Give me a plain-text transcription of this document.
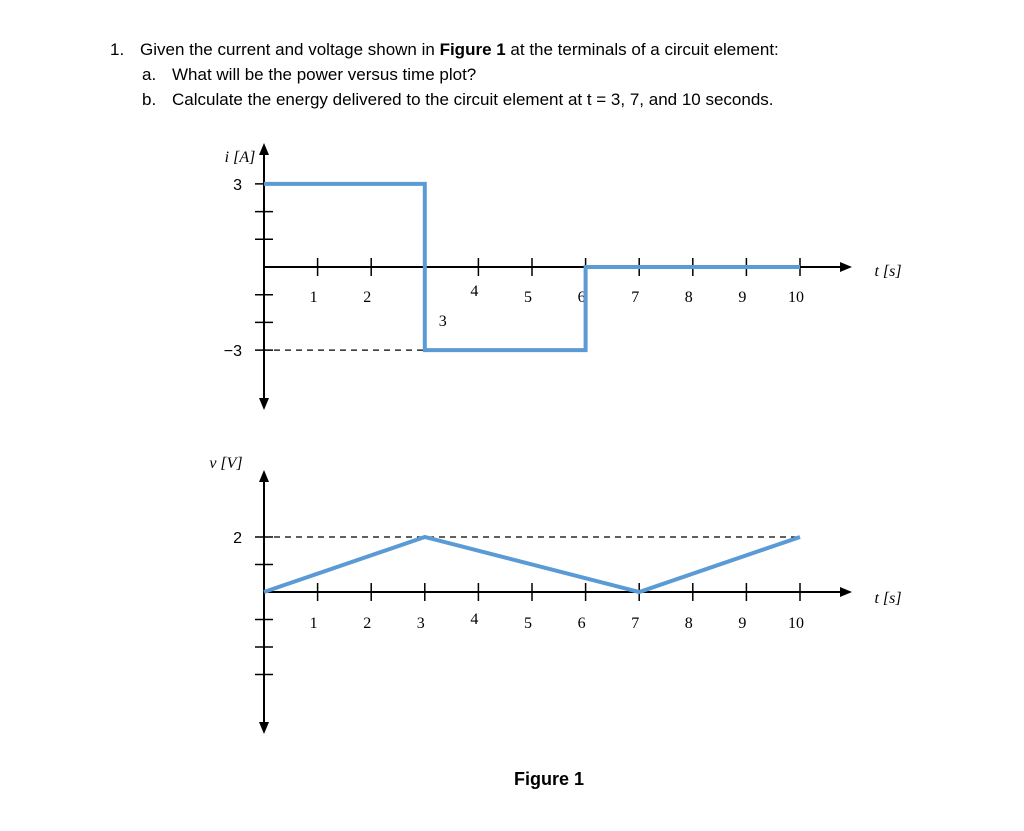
1. Given the current and voltage shown in Figure 1 at the terminals of a circuit element:
a. What will be the power versus time plot?
b. Calculate the energy delivered to the circuit element at t = 3, 7, and 10 seconds.
3
−3
1	2
3
4	5	6	7	8	9	10
i [A]
t [s]
2
1	2	3	4	5	6	7	8	9	10
v [V]
t [s]
Figure 1
